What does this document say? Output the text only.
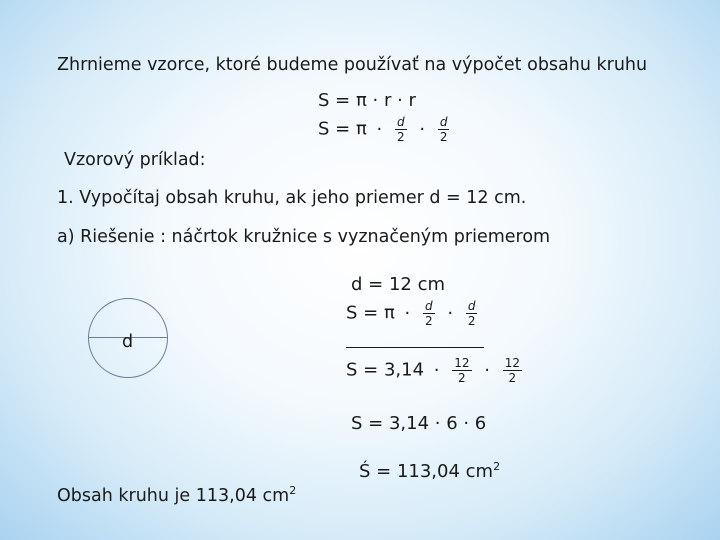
Zhrnieme vzorce, ktoré budeme používať na výpočet obsahu kruhu
S = π · r · r
$S = \pi \cdot \frac{d}{2} \cdot \frac{d}{2}$
Vzorový príklad:
1. Vypočítaj obsah kruhu, ak jeho priemer d = 12 cm.
a) Riešenie : náčrtok kružnice s vyznačeným priemerom
d
d = 12 cm
$S = \pi \cdot \frac{d}{2} \cdot \frac{d}{2}$
$S = 3,14 \cdot \frac{12}{2} \cdot \frac{12}{2}$
S = 3,14 · 6 · 6
Ś = 113,04 $cm^2$
Obsah kruhu je 113,04 $cm^2$
